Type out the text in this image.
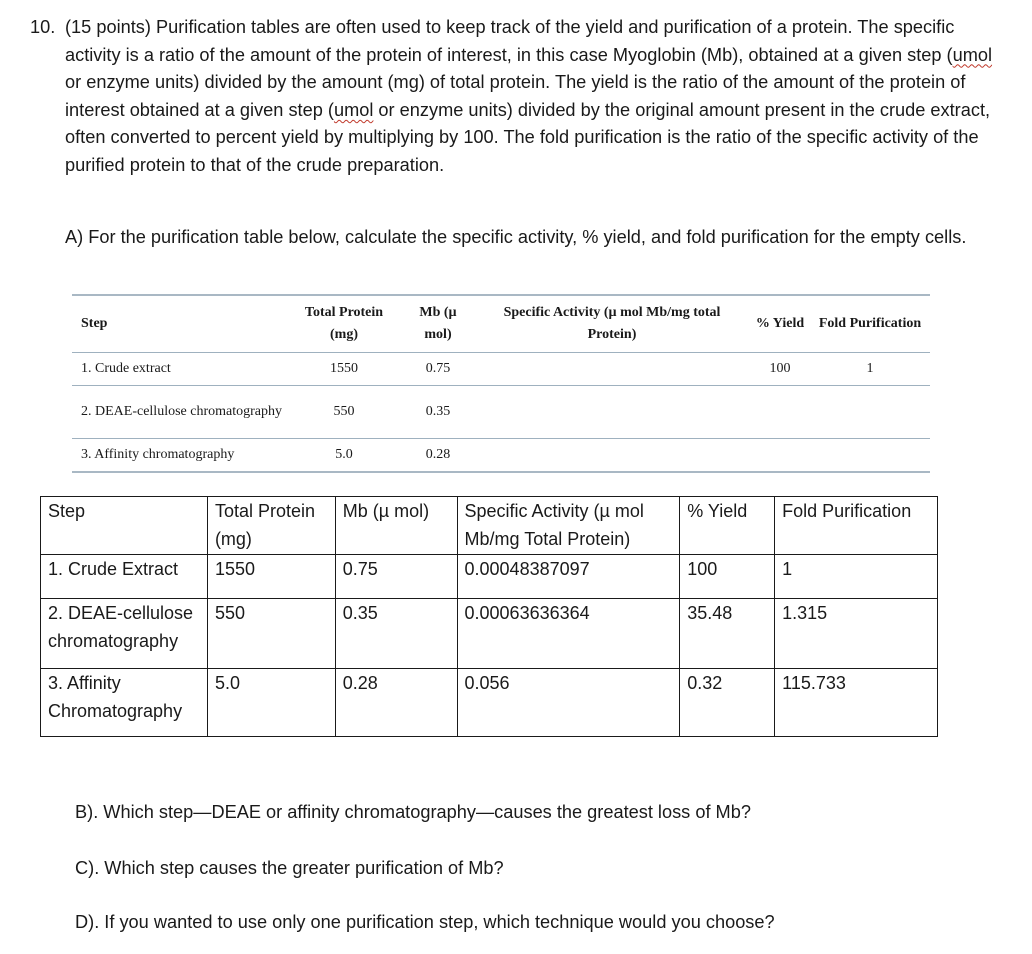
10. (15 points) Purification tables are often used to keep track of the yield and purification of a protein. The specific activity is a ratio of the amount of the protein of interest, in this case Myoglobin (Mb), obtained at a given step (umol or enzyme units) divided by the amount (mg) of total protein. The yield is the ratio of the amount of the protein of interest obtained at a given step (umol or enzyme units) divided by the original amount present in the crude extract, often converted to percent yield by multiplying by 100. The fold purification is the ratio of the specific activity of the purified protein to that of the crude preparation.
A) For the purification table below, calculate the specific activity, % yield, and fold purification for the empty cells.
Step	Total Protein (mg)	Mb (µ mol)	Specific Activity (µ mol Mb/mg total Protein)	% Yield	Fold Purification
1. Crude extract	1550	0.75		100	1
2. DEAE-cellulose chromatography	550	0.35			
3. Affinity chromatography	5.0	0.28			
Step	Total Protein (mg)	Mb (µ mol)	Specific Activity (µ mol Mb/mg Total Protein)	% Yield	Fold Purification
1. Crude Extract	1550	0.75	0.00048387097	100	1
2. DEAE-cellulose chromatography	550	0.35	0.00063636364	35.48	1.315
3. Affinity Chromatography	5.0	0.28	0.056	0.32	115.733
B). Which step—DEAE or affinity chromatography—causes the greatest loss of Mb?
C). Which step causes the greater purification of Mb?
D). If you wanted to use only one purification step, which technique would you choose?
